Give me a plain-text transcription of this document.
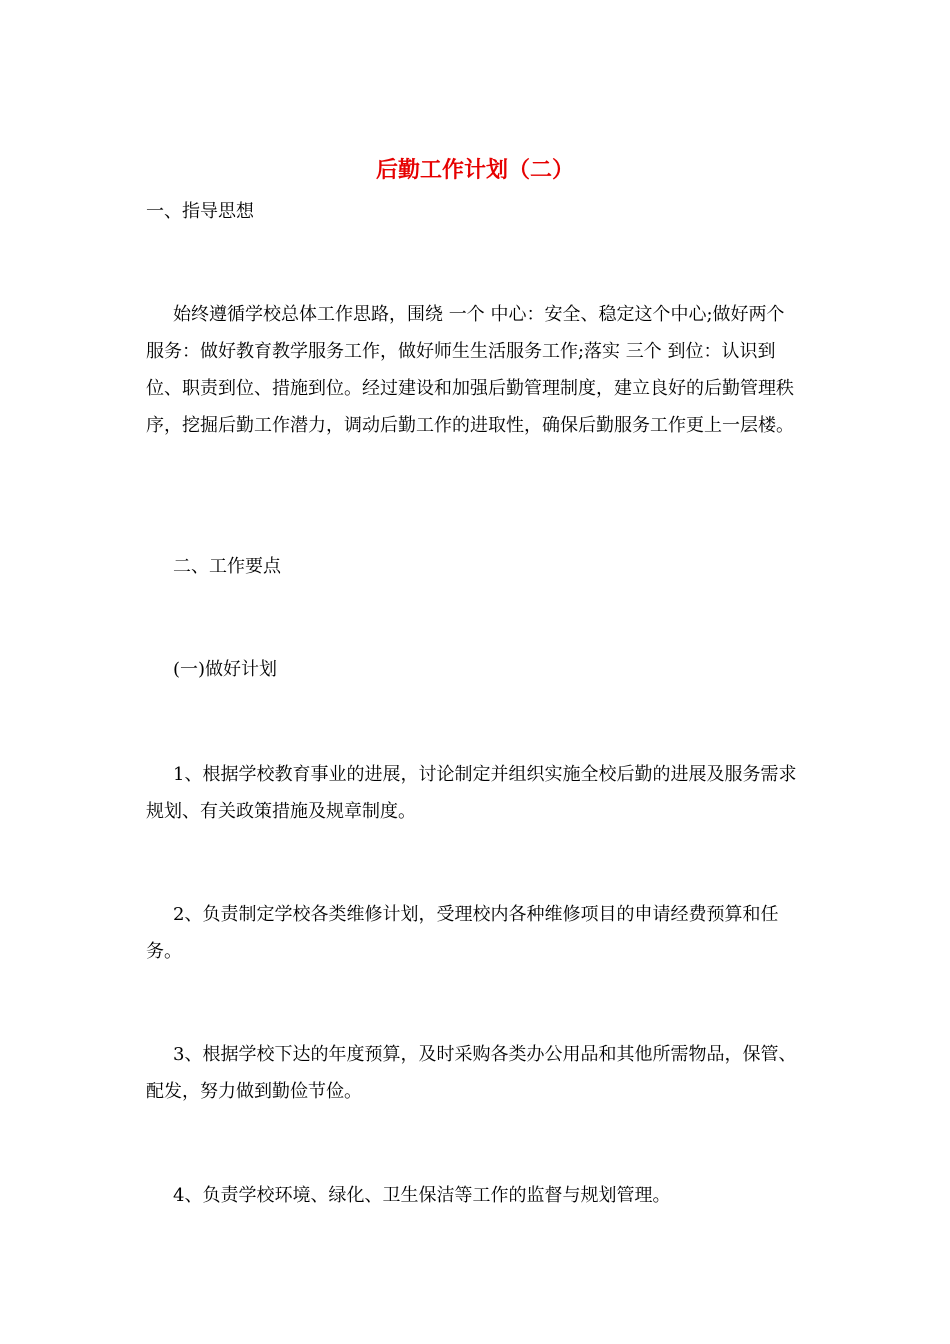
后勤工作计划（二）

一、指导思想

始终遵循学校总体工作思路，围绕 一个 中心：安全、稳定这个中心;做好两个 服务：做好教育教学服务工作，做好师生生活服务工作;落实 三个 到位：认识到位、职责到位、措施到位。经过建设和加强后勤管理制度，建立良好的后勤管理秩序，挖掘后勤工作潜力，调动后勤工作的进取性，确保后勤服务工作更上一层楼。

二、工作要点

(一)做好计划

1、根据学校教育事业的进展，讨论制定并组织实施全校后勤的进展及服务需求规划、有关政策措施及规章制度。

2、负责制定学校各类维修计划，受理校内各种维修项目的申请经费预算和任务。

3、根据学校下达的年度预算，及时采购各类办公用品和其他所需物品，保管、配发，努力做到勤俭节俭。

4、负责学校环境、绿化、卫生保洁等工作的监督与规划管理。
